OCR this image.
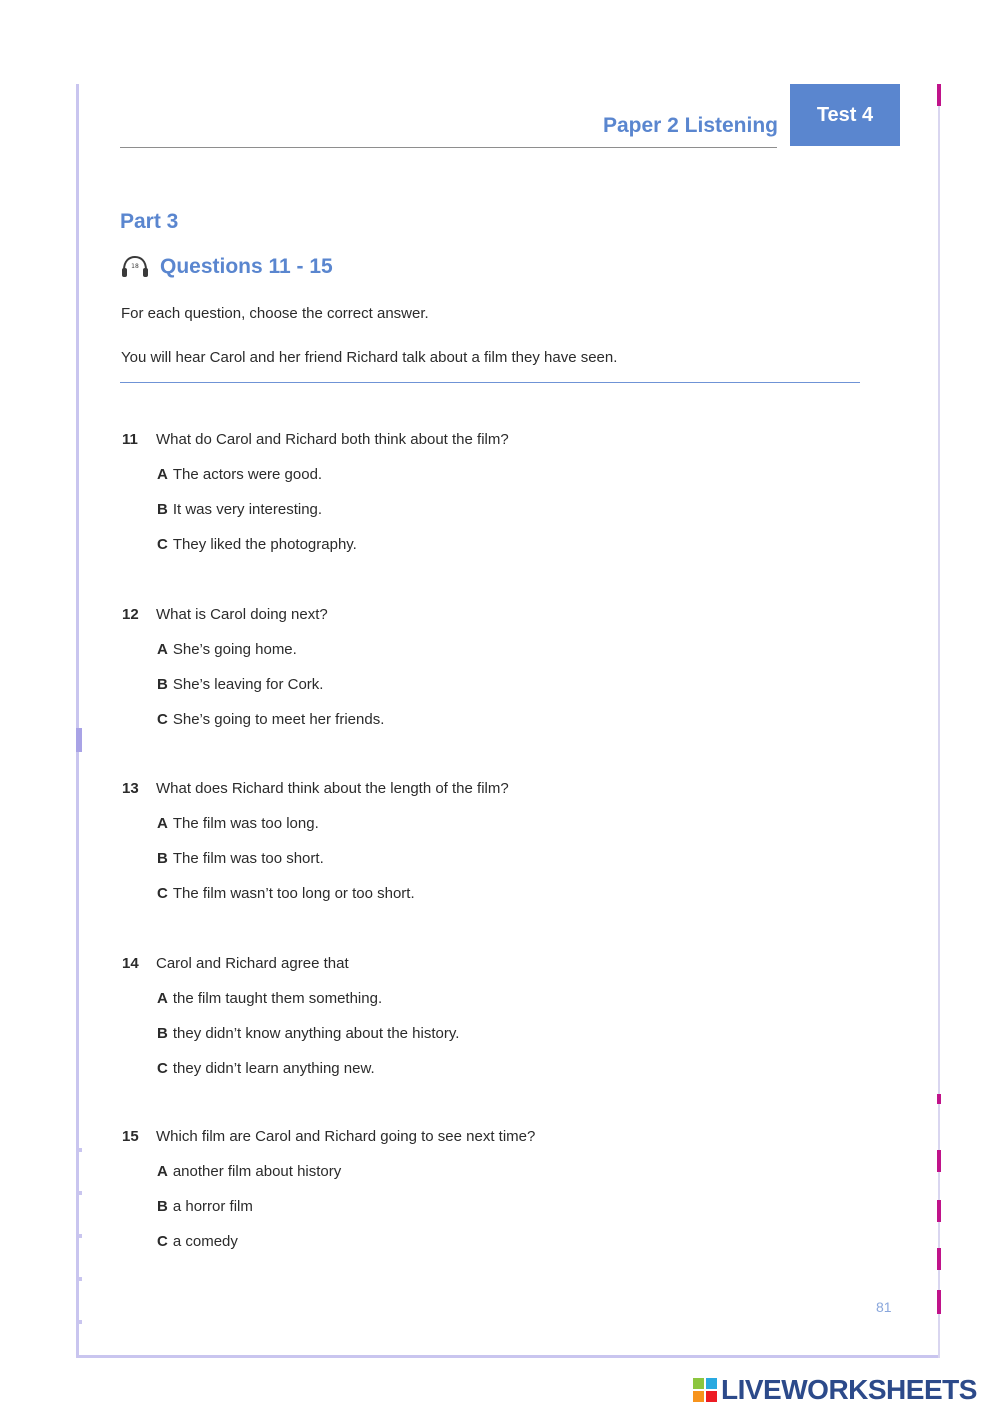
Paper 2 Listening	Test 4
Part 3
18 Questions 11 - 15
For each question, choose the correct answer.
You will hear Carol and her friend Richard talk about a film they have seen.
11	What do Carol and Richard both think about the film?
A The actors were good.
B It was very interesting.
C They liked the photography.
12	What is Carol doing next?
A She’s going home.
B She’s leaving for Cork.
C She’s going to meet her friends.
13	What does Richard think about the length of the film?
A The film was too long.
B The film was too short.
C The film wasn’t too long or too short.
14	Carol and Richard agree that
A the film taught them something.
B they didn’t know anything about the history.
C they didn’t learn anything new.
15	Which film are Carol and Richard going to see next time?
A another film about history
B a horror film
C a comedy
81
LIVEWORKSHEETS
